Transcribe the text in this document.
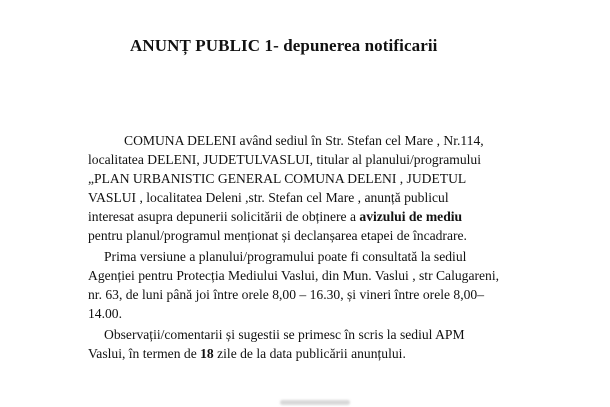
ANUNȚ PUBLIC 1- depunerea notificarii
COMUNA DELENI având sediul în Str. Stefan cel Mare , Nr.114,
localitatea DELENI, JUDETULVASLUI, titular al planului/programului
„PLAN URBANISTIC GENERAL COMUNA DELENI , JUDETUL
VASLUI , localitatea Deleni ,str. Stefan cel Mare , anunță publicul
interesat asupra depunerii solicitării de obținere a avizului de mediu
pentru planul/programul menționat și declanșarea etapei de încadrare.
Prima versiune a planului/programului poate fi consultată la sediul
Agenției pentru Protecția Mediului Vaslui, din Mun. Vaslui , str Calugareni,
nr. 63, de luni până joi între orele 8,00 – 16.30, și vineri între orele 8,00–
14.00.
Observații/comentarii și sugestii se primesc în scris la sediul APM
Vaslui, în termen de 18 zile de la data publicării anunțului.
